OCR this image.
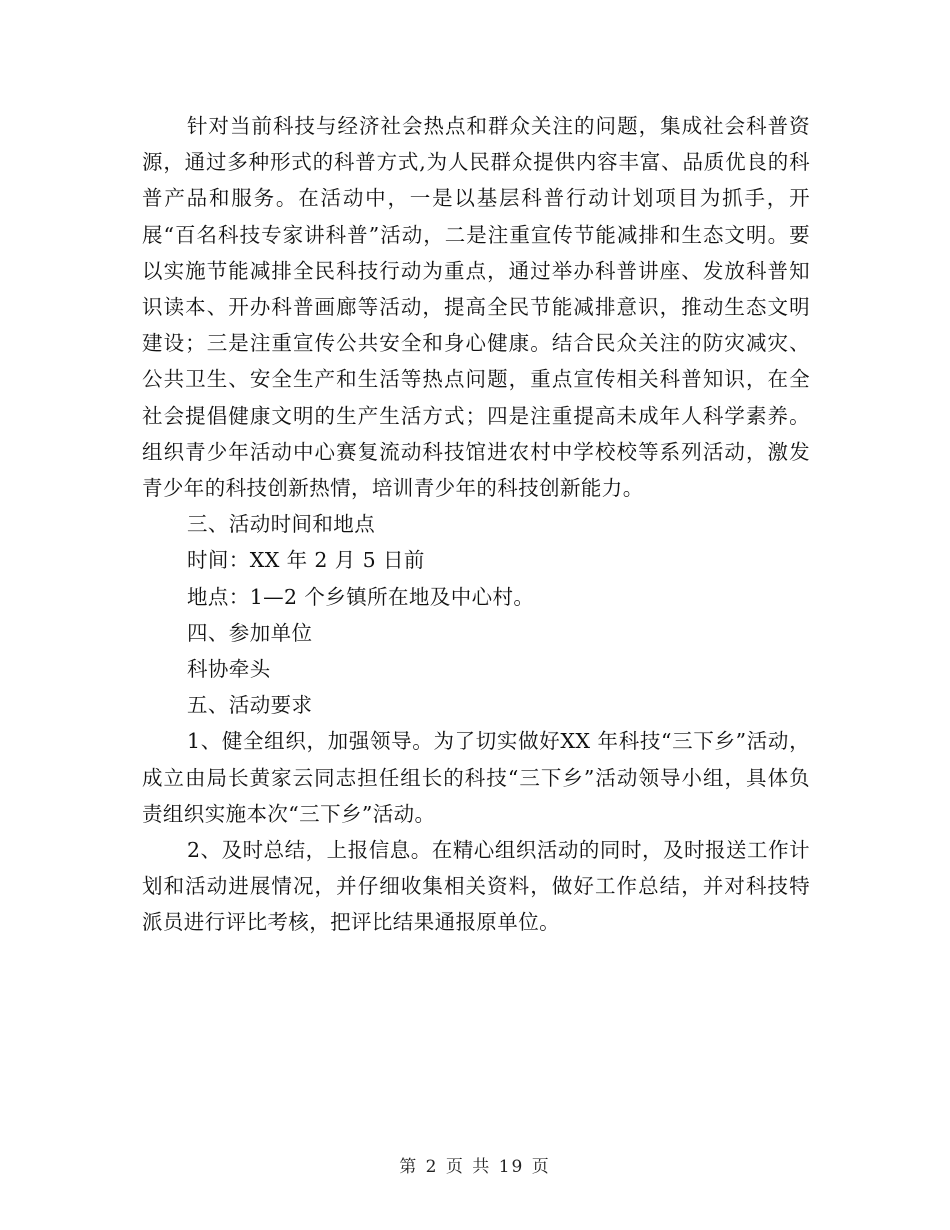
针对当前科技与经济社会热点和群众关注的问题，集成社会科普资源，通过多种形式的科普方式,为人民群众提供内容丰富、品质优良的科普产品和服务。在活动中，一是以基层科普行动计划项目为抓手，开展“百名科技专家讲科普”活动，二是注重宣传节能减排和生态文明。要以实施节能减排全民科技行动为重点，通过举办科普讲座、发放科普知识读本、开办科普画廊等活动，提高全民节能减排意识，推动生态文明建设；三是注重宣传公共安全和身心健康。结合民众关注的防灾减灾、公共卫生、安全生产和生活等热点问题，重点宣传相关科普知识，在全社会提倡健康文明的生产生活方式；四是注重提高未成年人科学素养。组织青少年活动中心赛复流动科技馆进农村中学校校等系列活动，激发青少年的科技创新热情，培训青少年的科技创新能力。

三、活动时间和地点

时间：XX 年 2 月 5 日前

地点：1—2 个乡镇所在地及中心村。

四、参加单位

科协牵头

五、活动要求

1、健全组织，加强领导。为了切实做好XX 年科技“三下乡”活动，成立由局长黄家云同志担任组长的科技“三下乡”活动领导小组，具体负责组织实施本次“三下乡”活动。

2、及时总结，上报信息。在精心组织活动的同时，及时报送工作计划和活动进展情况，并仔细收集相关资料，做好工作总结，并对科技特派员进行评比考核，把评比结果通报原单位。

第 2 页 共 19 页
